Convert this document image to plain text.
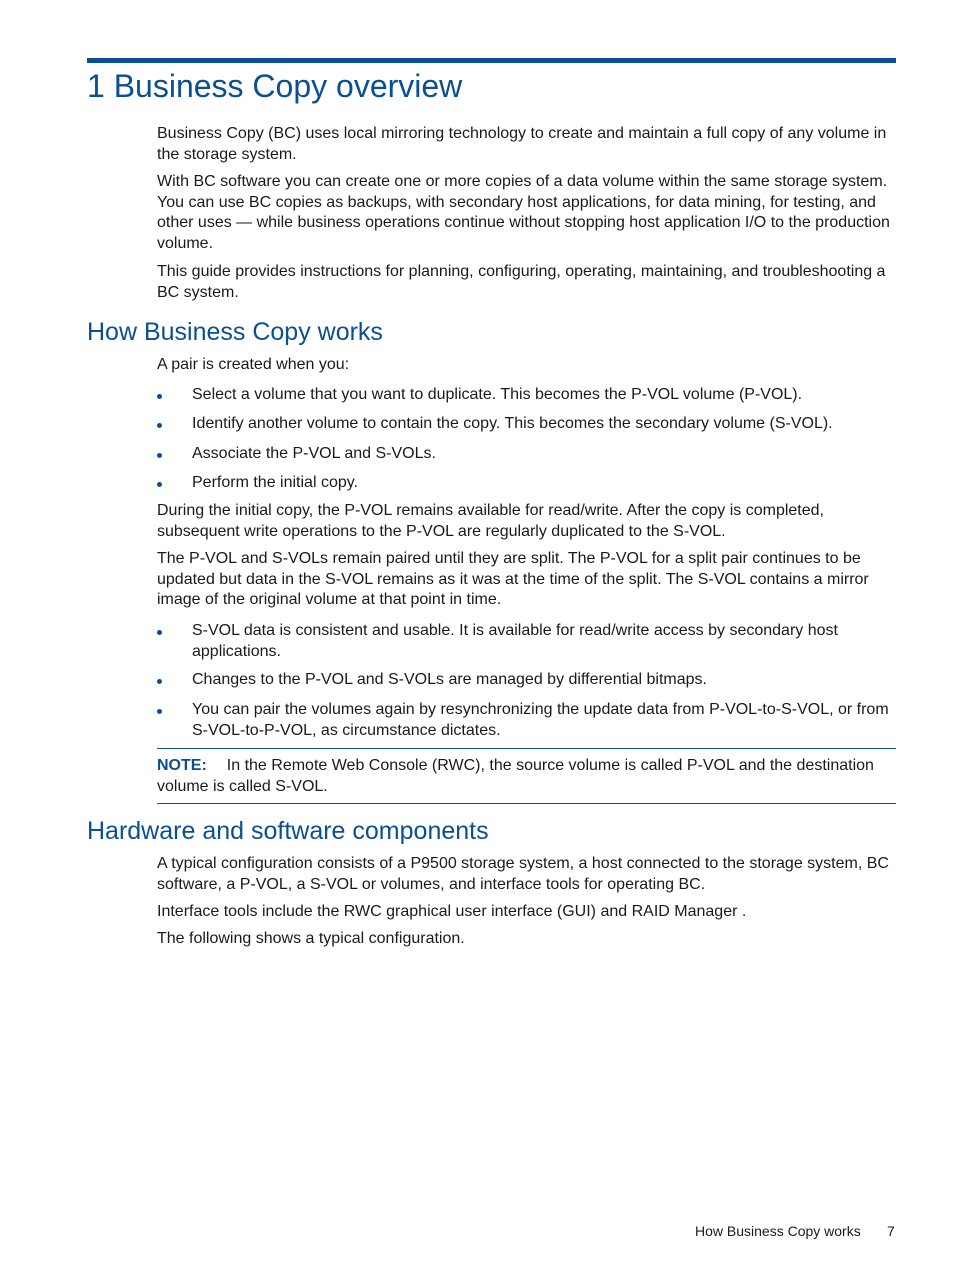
1 Business Copy overview

Business Copy (BC) uses local mirroring technology to create and maintain a full copy of any volume in the storage system.

With BC software you can create one or more copies of a data volume within the same storage system. You can use BC copies as backups, with secondary host applications, for data mining, for testing, and other uses — while business operations continue without stopping host application I/O to the production volume.

This guide provides instructions for planning, configuring, operating, maintaining, and troubleshooting a BC system.

How Business Copy works

A pair is created when you:

Select a volume that you want to duplicate. This becomes the P-VOL volume (P-VOL).
Identify another volume to contain the copy. This becomes the secondary volume (S-VOL).
Associate the P-VOL and S-VOLs.
Perform the initial copy.

During the initial copy, the P-VOL remains available for read/write. After the copy is completed, subsequent write operations to the P-VOL are regularly duplicated to the S-VOL.

The P-VOL and S-VOLs remain paired until they are split. The P-VOL for a split pair continues to be updated but data in the S-VOL remains as it was at the time of the split. The S-VOL contains a mirror image of the original volume at that point in time.

S-VOL data is consistent and usable. It is available for read/write access by secondary host applications.
Changes to the P-VOL and S-VOLs are managed by differential bitmaps.
You can pair the volumes again by resynchronizing the update data from P-VOL-to-S-VOL, or from S-VOL-to-P-VOL, as circumstance dictates.
NOTE: In the Remote Web Console (RWC), the source volume is called P-VOL and the destination volume is called S-VOL.
Hardware and software components

A typical configuration consists of a P9500 storage system, a host connected to the storage system, BC software, a P-VOL, a S-VOL or volumes, and interface tools for operating BC.

Interface tools include the RWC graphical user interface (GUI) and RAID Manager .

The following shows a typical configuration.

How Business Copy works 7
